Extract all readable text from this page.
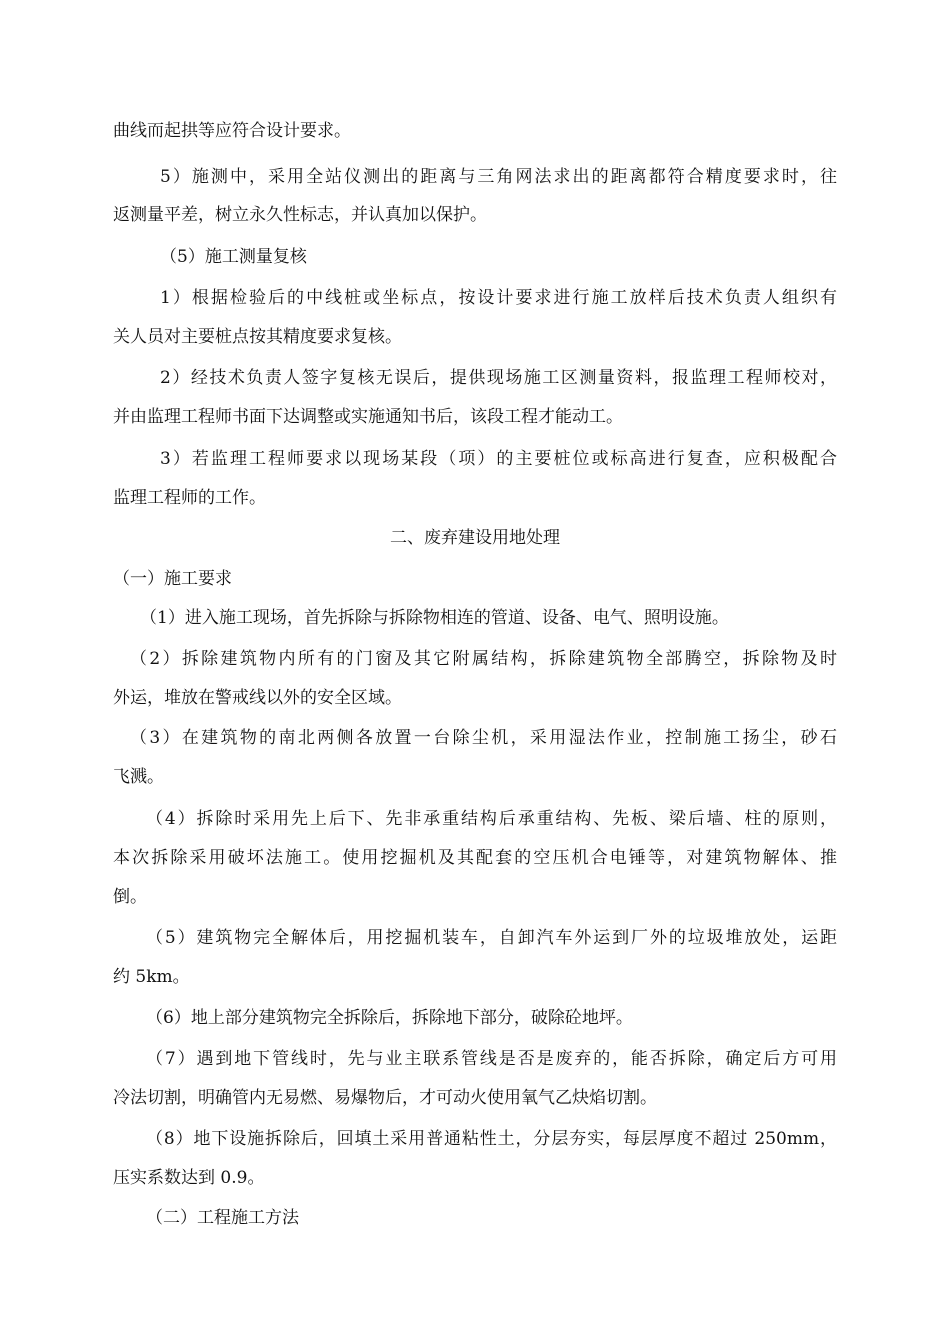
曲线而起拱等应符合设计要求。
5）施测中，采用全站仪测出的距离与三角网法求出的距离都符合精度要求时，往
返测量平差，树立永久性标志，并认真加以保护。
（5）施工测量复核
1）根据检验后的中线桩或坐标点，按设计要求进行施工放样后技术负责人组织有
关人员对主要桩点按其精度要求复核。
2）经技术负责人签字复核无误后，提供现场施工区测量资料，报监理工程师校对，
并由监理工程师书面下达调整或实施通知书后，该段工程才能动工。
3）若监理工程师要求以现场某段（项）的主要桩位或标高进行复查，应积极配合
监理工程师的工作。
二、废弃建设用地处理
（一）施工要求
（1）进入施工现场，首先拆除与拆除物相连的管道、设备、电气、照明设施。
（2）拆除建筑物内所有的门窗及其它附属结构，拆除建筑物全部腾空，拆除物及时
外运，堆放在警戒线以外的安全区域。
（3）在建筑物的南北两侧各放置一台除尘机，采用湿法作业，控制施工扬尘，砂石
飞溅。
（4）拆除时采用先上后下、先非承重结构后承重结构、先板、梁后墙、柱的原则，
本次拆除采用破坏法施工。使用挖掘机及其配套的空压机合电锤等，对建筑物解体、推
倒。
（5）建筑物完全解体后，用挖掘机装车，自卸汽车外运到厂外的垃圾堆放处，运距
约 5km。
（6）地上部分建筑物完全拆除后，拆除地下部分，破除砼地坪。
（7）遇到地下管线时，先与业主联系管线是否是废弃的，能否拆除，确定后方可用
冷法切割，明确管内无易燃、易爆物后，才可动火使用氧气乙炔焰切割。
（8）地下设施拆除后，回填土采用普通粘性土，分层夯实，每层厚度不超过 250mm，
压实系数达到 0.9。
（二）工程施工方法
